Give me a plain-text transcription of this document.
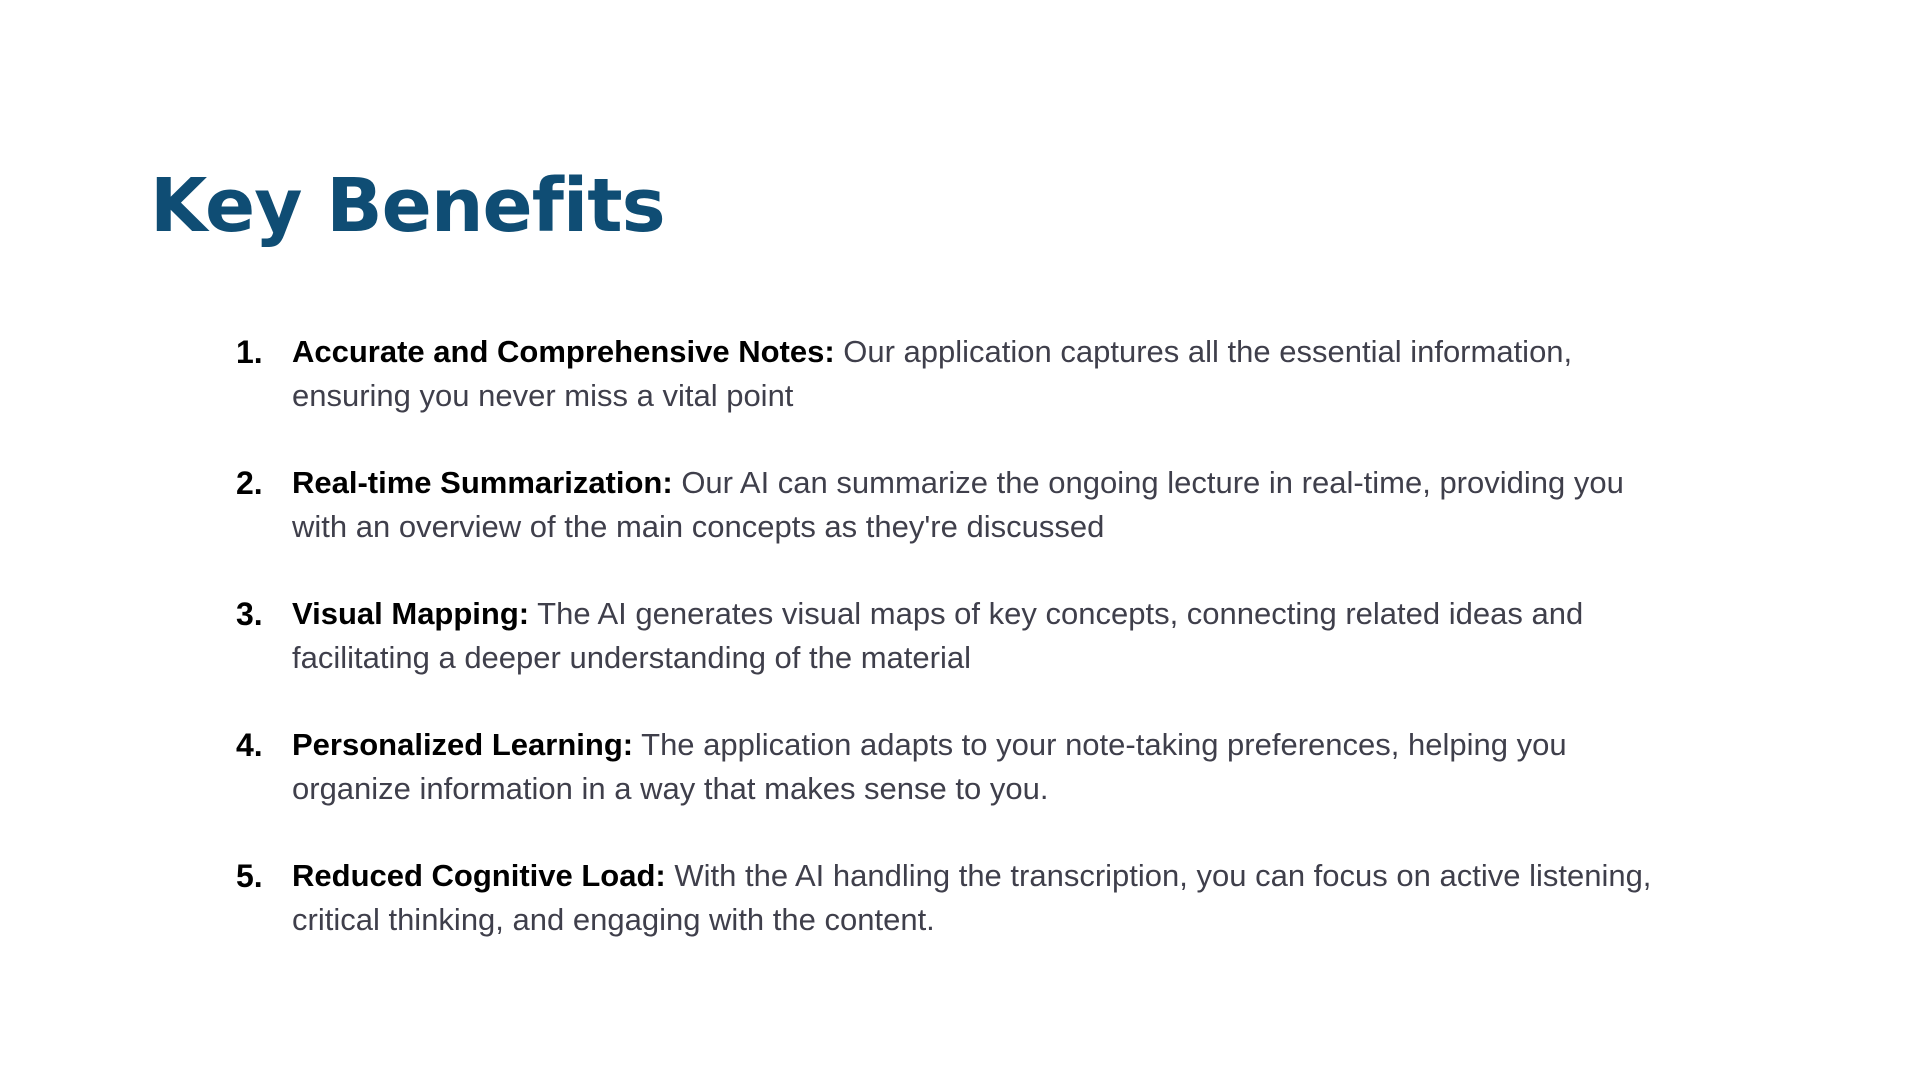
Key Benefits
1. Accurate and Comprehensive Notes: Our application captures all the essential information, ensuring you never miss a vital point
2. Real-time Summarization: Our AI can summarize the ongoing lecture in real-time, providing you with an overview of the main concepts as they're discussed
3. Visual Mapping: The AI generates visual maps of key concepts, connecting related ideas and facilitating a deeper understanding of the material
4. Personalized Learning: The application adapts to your note-taking preferences, helping you organize information in a way that makes sense to you.
5. Reduced Cognitive Load: With the AI handling the transcription, you can focus on active listening, critical thinking, and engaging with the content.
